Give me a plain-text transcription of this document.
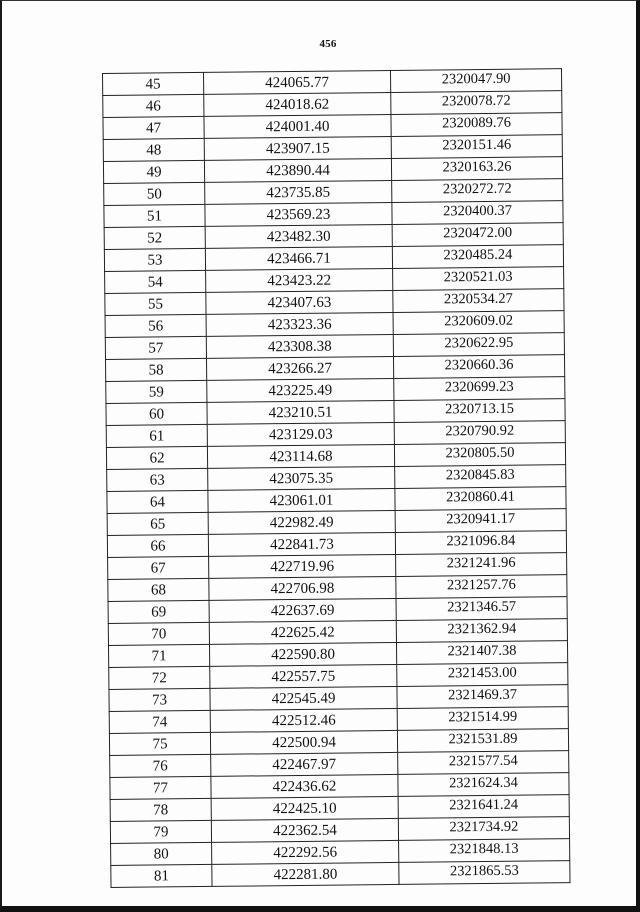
456
45	424065.77	2320047.90
46	424018.62	2320078.72
47	424001.40	2320089.76
48	423907.15	2320151.46
49	423890.44	2320163.26
50	423735.85	2320272.72
51	423569.23	2320400.37
52	423482.30	2320472.00
53	423466.71	2320485.24
54	423423.22	2320521.03
55	423407.63	2320534.27
56	423323.36	2320609.02
57	423308.38	2320622.95
58	423266.27	2320660.36
59	423225.49	2320699.23
60	423210.51	2320713.15
61	423129.03	2320790.92
62	423114.68	2320805.50
63	423075.35	2320845.83
64	423061.01	2320860.41
65	422982.49	2320941.17
66	422841.73	2321096.84
67	422719.96	2321241.96
68	422706.98	2321257.76
69	422637.69	2321346.57
70	422625.42	2321362.94
71	422590.80	2321407.38
72	422557.75	2321453.00
73	422545.49	2321469.37
74	422512.46	2321514.99
75	422500.94	2321531.89
76	422467.97	2321577.54
77	422436.62	2321624.34
78	422425.10	2321641.24
79	422362.54	2321734.92
80	422292.56	2321848.13
81	422281.80	2321865.53
